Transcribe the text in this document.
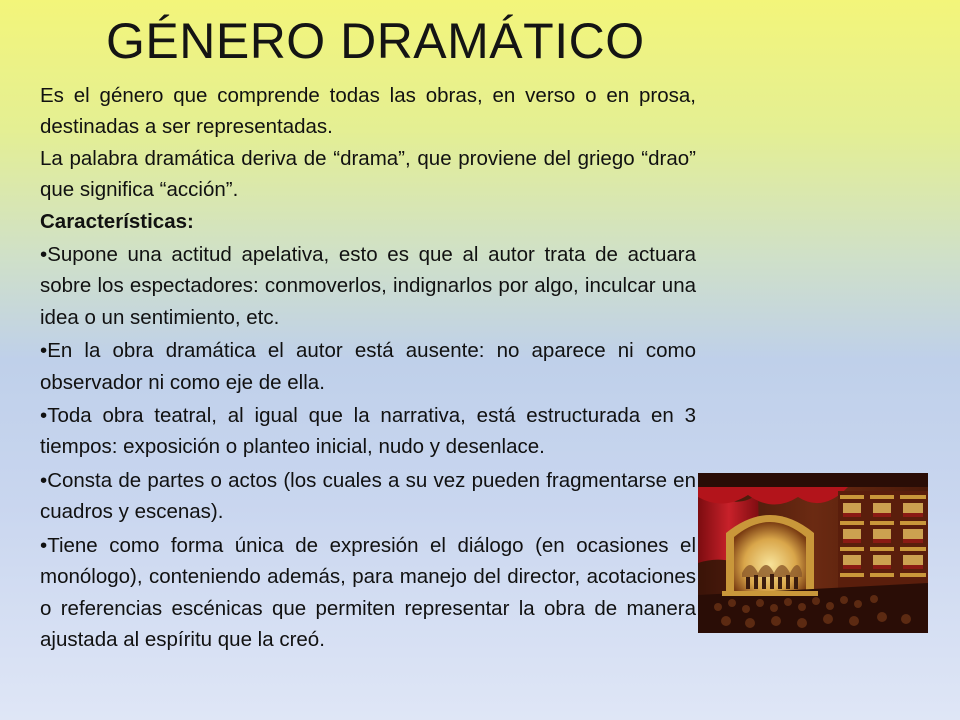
GÉNERO DRAMÁTICO

Es el género que comprende todas las obras, en verso o en prosa, destinadas a ser representadas.

La palabra dramática deriva de “drama”, que proviene del griego “drao” que significa “acción”.

Características:

•Supone una actitud apelativa, esto es que al autor trata de actuara sobre los espectadores: conmoverlos, indignarlos por algo, inculcar una idea o un sentimiento, etc.

•En la obra dramática el autor está ausente: no aparece ni como observador ni como eje de ella.

•Toda obra teatral, al igual que la narrativa, está estructurada en 3 tiempos: exposición o planteo inicial, nudo y desenlace.

•Consta de partes o actos (los cuales a su vez pueden fragmentarse en cuadros y escenas).

•Tiene como forma única de expresión el diálogo (en ocasiones el monólogo), conteniendo además, para manejo del director, acotaciones o referencias escénicas que permiten representar la obra de manera ajustada al espíritu que la creó.
